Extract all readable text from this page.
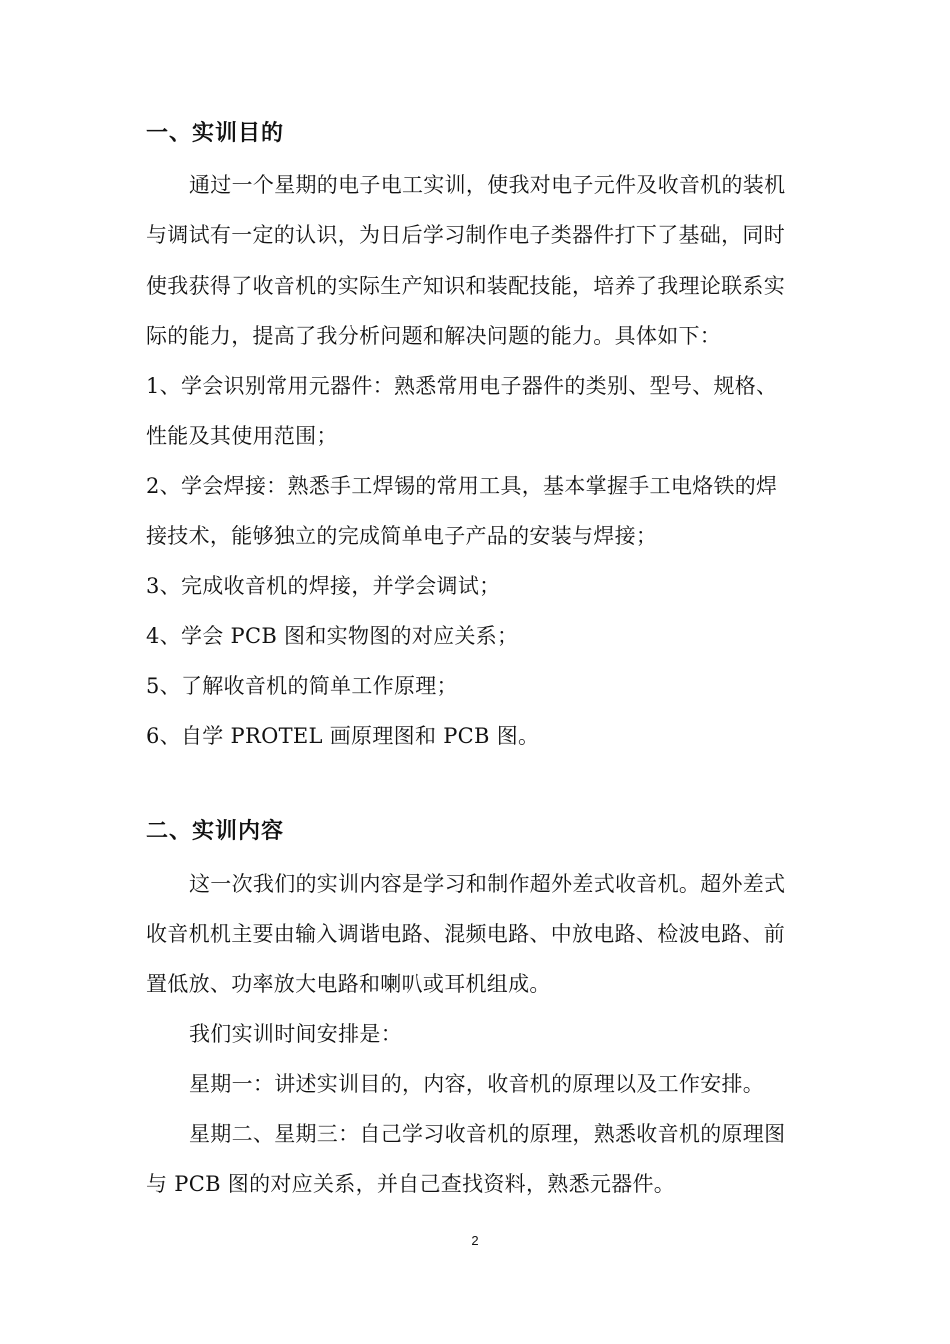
一、实训目的
通过一个星期的电子电工实训，使我对电子元件及收音机的装机
与调试有一定的认识，为日后学习制作电子类器件打下了基础，同时
使我获得了收音机的实际生产知识和装配技能，培养了我理论联系实
际的能力，提高了我分析问题和解决问题的能力。具体如下：
1、学会识别常用元器件：熟悉常用电子器件的类别、型号、规格、
性能及其使用范围；
2、学会焊接：熟悉手工焊锡的常用工具，基本掌握手工电烙铁的焊
接技术，能够独立的完成简单电子产品的安装与焊接；
3、完成收音机的焊接，并学会调试；
4、学会 PCB 图和实物图的对应关系；
5、了解收音机的简单工作原理；
6、自学 PROTEL 画原理图和 PCB 图。
二、实训内容
这一次我们的实训内容是学习和制作超外差式收音机。超外差式
收音机机主要由输入调谐电路、混频电路、中放电路、检波电路、前
置低放、功率放大电路和喇叭或耳机组成。
我们实训时间安排是：
星期一：讲述实训目的，内容，收音机的原理以及工作安排。
星期二、星期三：自己学习收音机的原理，熟悉收音机的原理图
与 PCB 图的对应关系，并自己查找资料，熟悉元器件。
2
